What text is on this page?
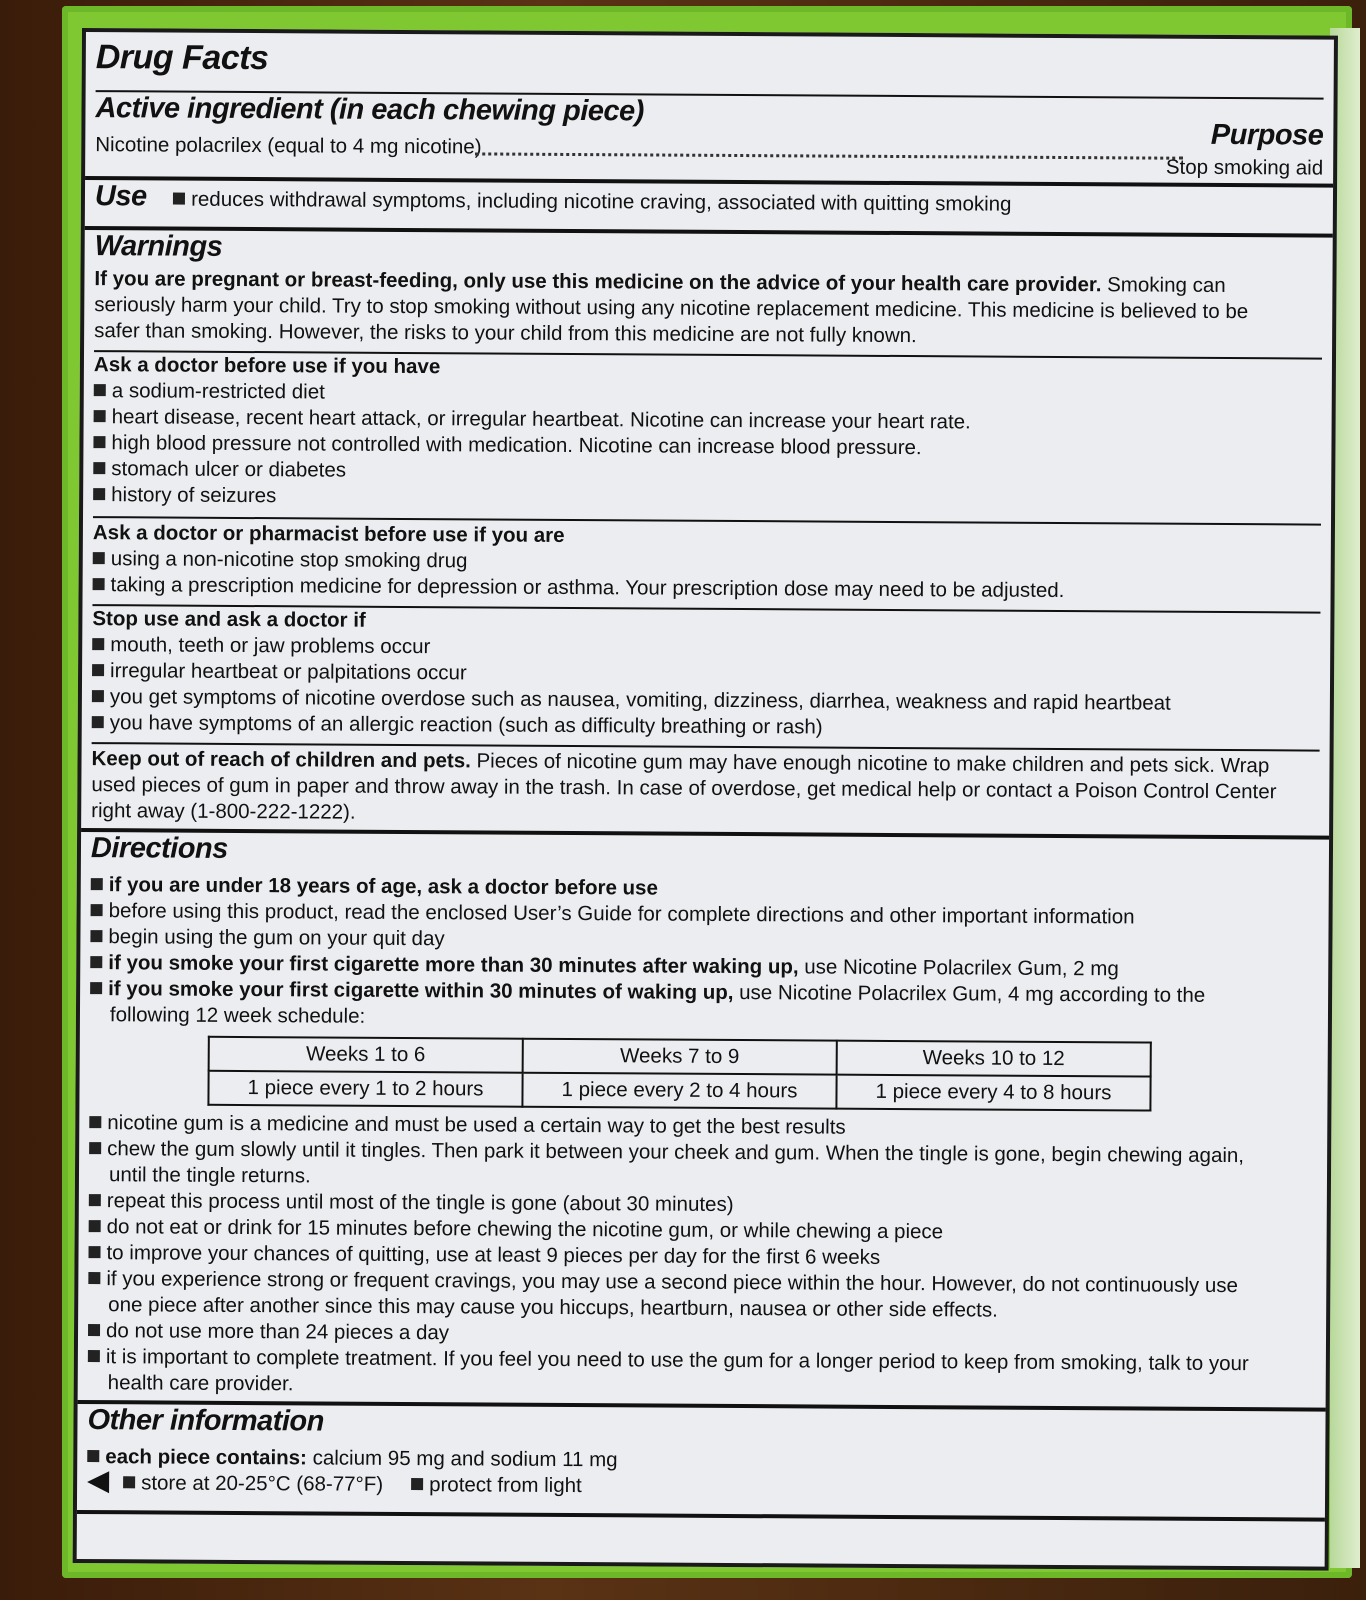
Drug Facts
Active ingredient (in each chewing piece)
Purpose
Nicotine polacrilex (equal to 4 mg nicotine)
Stop smoking aid
Use reduces withdrawal symptoms, including nicotine craving, associated with quitting smoking
Warnings
If you are pregnant or breast-feeding, only use this medicine on the advice of your health care provider. Smoking can
seriously harm your child. Try to stop smoking without using any nicotine replacement medicine. This medicine is believed to be
safer than smoking. However, the risks to your child from this medicine are not fully known.
Ask a doctor before use if you have
a sodium-restricted diet
heart disease, recent heart attack, or irregular heartbeat. Nicotine can increase your heart rate.
high blood pressure not controlled with medication. Nicotine can increase blood pressure.
stomach ulcer or diabetes
history of seizures
Ask a doctor or pharmacist before use if you are
using a non-nicotine stop smoking drug
taking a prescription medicine for depression or asthma. Your prescription dose may need to be adjusted.
Stop use and ask a doctor if
mouth, teeth or jaw problems occur
irregular heartbeat or palpitations occur
you get symptoms of nicotine overdose such as nausea, vomiting, dizziness, diarrhea, weakness and rapid heartbeat
you have symptoms of an allergic reaction (such as difficulty breathing or rash)
Keep out of reach of children and pets. Pieces of nicotine gum may have enough nicotine to make children and pets sick. Wrap
used pieces of gum in paper and throw away in the trash. In case of overdose, get medical help or contact a Poison Control Center
right away (1-800-222-1222).
Directions
if you are under 18 years of age, ask a doctor before use
before using this product, read the enclosed User’s Guide for complete directions and other important information
begin using the gum on your quit day
if you smoke your first cigarette more than 30 minutes after waking up, use Nicotine Polacrilex Gum, 2 mg
if you smoke your first cigarette within 30 minutes of waking up, use Nicotine Polacrilex Gum, 4 mg according to the
following 12 week schedule:
Weeks 1 to 6	Weeks 7 to 9	Weeks 10 to 12
1 piece every 1 to 2 hours	1 piece every 2 to 4 hours	1 piece every 4 to 8 hours
nicotine gum is a medicine and must be used a certain way to get the best results
chew the gum slowly until it tingles. Then park it between your cheek and gum. When the tingle is gone, begin chewing again,
until the tingle returns.
repeat this process until most of the tingle is gone (about 30 minutes)
do not eat or drink for 15 minutes before chewing the nicotine gum, or while chewing a piece
to improve your chances of quitting, use at least 9 pieces per day for the first 6 weeks
if you experience strong or frequent cravings, you may use a second piece within the hour. However, do not continuously use
one piece after another since this may cause you hiccups, heartburn, nausea or other side effects.
do not use more than 24 pieces a day
it is important to complete treatment. If you feel you need to use the gum for a longer period to keep from smoking, talk to your
health care provider.
Other information
each piece contains: calcium 95 mg and sodium 11 mg
store at 20-25°C (68-77°F) protect from light
